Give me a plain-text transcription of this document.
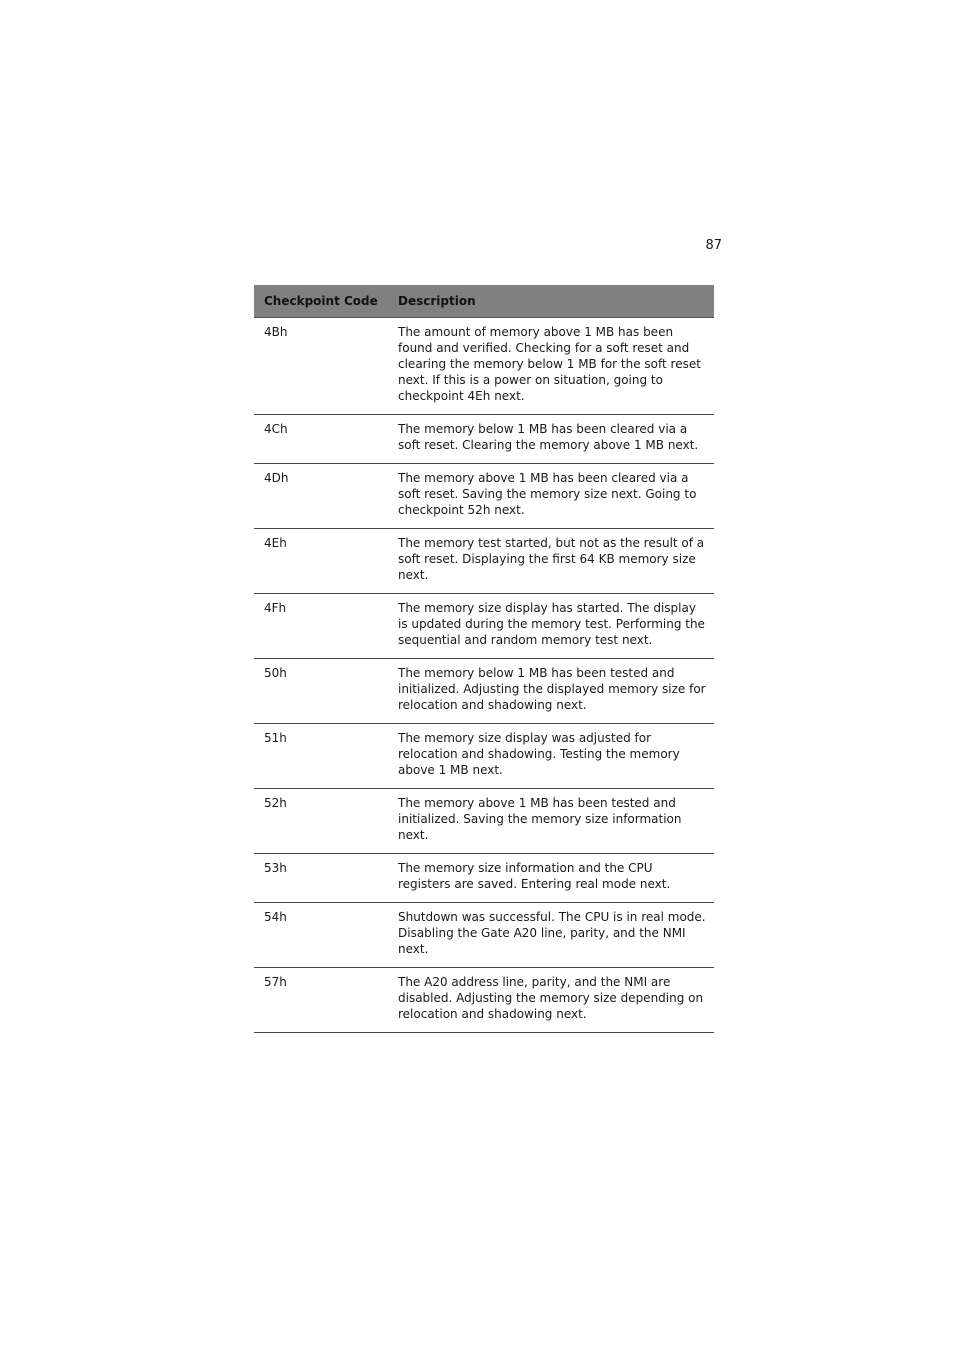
87
Checkpoint Code	Description
4Bh	The amount of memory above 1 MB has been found and verified. Checking for a soft reset and clearing the memory below 1 MB for the soft reset next. If this is a power on situation, going to checkpoint 4Eh next.
4Ch	The memory below 1 MB has been cleared via a soft reset. Clearing the memory above 1 MB next.
4Dh	The memory above 1 MB has been cleared via a soft reset. Saving the memory size next. Going to checkpoint 52h next.
4Eh	The memory test started, but not as the result of a soft reset. Displaying the first 64 KB memory size next.
4Fh	The memory size display has started. The display is updated during the memory test. Performing the sequential and random memory test next.
50h	The memory below 1 MB has been tested and initialized. Adjusting the displayed memory size for relocation and shadowing next.
51h	The memory size display was adjusted for relocation and shadowing. Testing the memory above 1 MB next.
52h	The memory above 1 MB has been tested and initialized. Saving the memory size information next.
53h	The memory size information and the CPU registers are saved. Entering real mode next.
54h	Shutdown was successful. The CPU is in real mode. Disabling the Gate A20 line, parity, and the NMI next.
57h	The A20 address line, parity, and the NMI are disabled. Adjusting the memory size depending on relocation and shadowing next.
